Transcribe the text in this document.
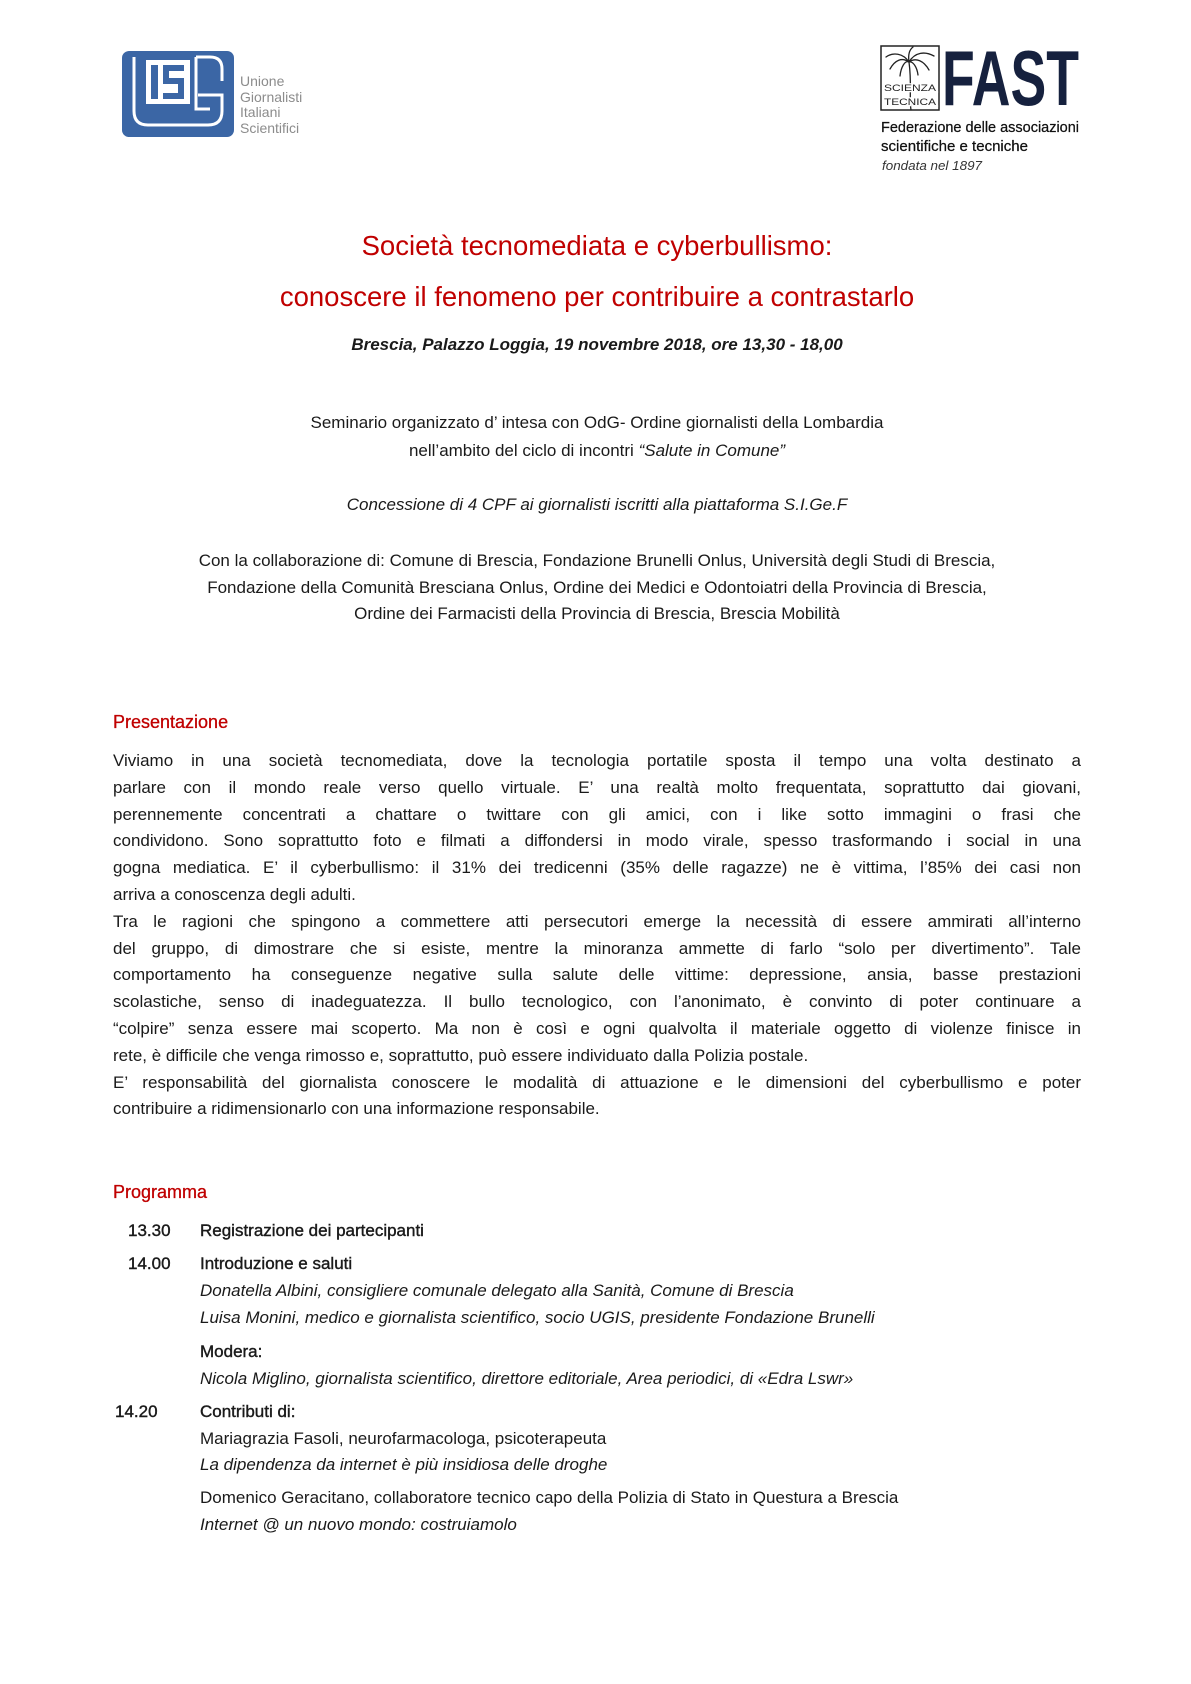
Unione
Giornalisti
Italiani
Scientifici
SCIENZA
TECNICA FAST
Federazione delle associazioni
scientifiche e tecniche
fondata nel 1897
Società tecnomediata e cyberbullismo:
conoscere il fenomeno per contribuire a contrastarlo
Brescia, Palazzo Loggia, 19 novembre 2018, ore 13,30 - 18,00
Seminario organizzato d’ intesa con OdG- Ordine giornalisti della Lombardia
nell’ambito del ciclo di incontri “Salute in Comune”
Concessione di 4 CPF ai giornalisti iscritti alla piattaforma S.I.Ge.F
Con la collaborazione di: Comune di Brescia, Fondazione Brunelli Onlus, Università degli Studi di Brescia,
Fondazione della Comunità Bresciana Onlus, Ordine dei Medici e Odontoiatri della Provincia di Brescia,
Ordine dei Farmacisti della Provincia di Brescia, Brescia Mobilità
Presentazione
Viviamo in una società tecnomediata, dove la tecnologia portatile sposta il tempo una volta destinato a
parlare con il mondo reale verso quello virtuale. E’ una realtà molto frequentata, soprattutto dai giovani,
perennemente concentrati a chattare o twittare con gli amici, con i like sotto immagini o frasi che
condividono. Sono soprattutto foto e filmati a diffondersi in modo virale, spesso trasformando i social in una
gogna mediatica. E’ il cyberbullismo: il 31% dei tredicenni (35% delle ragazze) ne è vittima, l’85% dei casi non
arriva a conoscenza degli adulti.
Tra le ragioni che spingono a commettere atti persecutori emerge la necessità di essere ammirati all’interno
del gruppo, di dimostrare che si esiste, mentre la minoranza ammette di farlo “solo per divertimento”. Tale
comportamento ha conseguenze negative sulla salute delle vittime: depressione, ansia, basse prestazioni
scolastiche, senso di inadeguatezza. Il bullo tecnologico, con l’anonimato, è convinto di poter continuare a
“colpire” senza essere mai scoperto. Ma non è così e ogni qualvolta il materiale oggetto di violenze finisce in
rete, è difficile che venga rimosso e, soprattutto, può essere individuato dalla Polizia postale.
E’ responsabilità del giornalista conoscere le modalità di attuazione e le dimensioni del cyberbullismo e poter
contribuire a ridimensionarlo con una informazione responsabile.
Programma
13.30 Registrazione dei partecipanti
14.00 Introduzione e saluti
Donatella Albini, consigliere comunale delegato alla Sanità, Comune di Brescia
Luisa Monini, medico e giornalista scientifico, socio UGIS, presidente Fondazione Brunelli
Modera:
Nicola Miglino, giornalista scientifico, direttore editoriale, Area periodici, di «Edra Lswr»
14.20 Contributi di:
Mariagrazia Fasoli, neurofarmacologa, psicoterapeuta
La dipendenza da internet è più insidiosa delle droghe
Domenico Geracitano, collaboratore tecnico capo della Polizia di Stato in Questura a Brescia
Internet @ un nuovo mondo: costruiamolo
